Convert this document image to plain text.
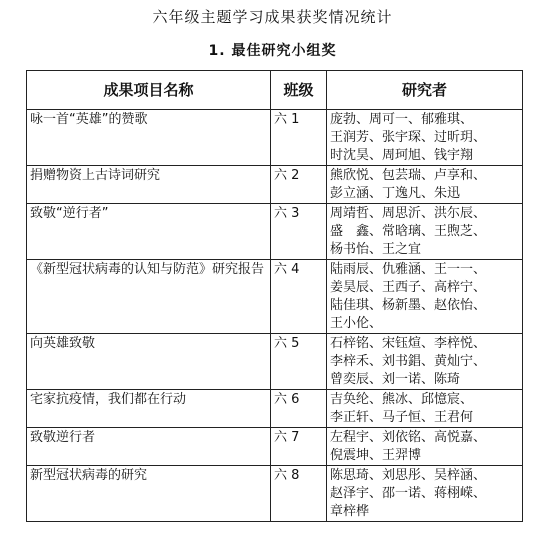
六年级主题学习成果获奖情况统计
1. 最佳研究小组奖
成果项目名称	班级	研究者
咏一首“英雄”的赞歌	六 1	庞勃、周可一、郁雅琪、
王润芳、张宇琛、过昕玥、
时沈昊、周珂旭、钱宇翔

捐赠物资上古诗词研究	六 2	熊欣悦、包芸瑞、卢享和、
彭立涵、丁逸凡、朱迅

致敬“逆行者”	六 3	周靖哲、周思沂、洪尓辰、
盛　鑫、常晗璃、王煦芝、
杨书怡、王之宜

《新型冠状病毒的认知与防范》研究报告	六 4	陆雨辰、仇雅涵、王一一、
姜昊辰、王西子、高梓宁、
陆佳琪、杨新墨、赵依怡、
王小伦、

向英雄致敬	六 5	石梓铭、宋钰煊、李梓悦、
李梓禾、刘书錩、黄灿宁、
曾奕辰、刘一诺、陈琦

宅家抗疫情，我们都在行动	六 6	吉奂纶、熊冰、邱憶宸、
李正轩、马子恒、王君何

致敬逆行者	六 7	左程宇、刘依铭、高悦嘉、
倪震坤、王羿博

新型冠状病毒的研究	六 8	陈思琦、刘思彤、吴梓涵、
赵泽宇、邵一诺、蒋栩嵘、
章梓桦
